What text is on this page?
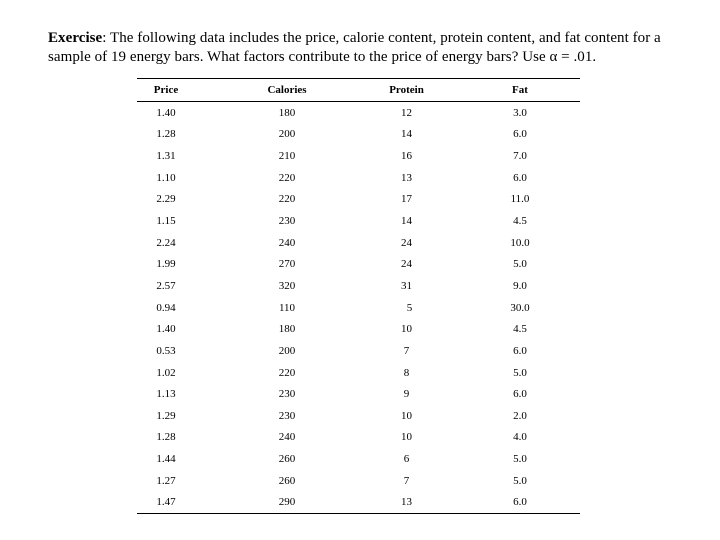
Exercise: The following data includes the price, calorie content, protein content, and fat content for a sample of 19 energy bars. What factors contribute to the price of energy bars? Use α = .01.
Price	Calories	Protein	Fat
1.40	180	12	3.0
1.28	200	14	6.0
1.31	210	16	7.0
1.10	220	13	6.0
2.29	220	17	11.0
1.15	230	14	4.5
2.24	240	24	10.0
1.99	270	24	5.0
2.57	320	31	9.0
0.94	110	5	30.0
1.40	180	10	4.5
0.53	200	7	6.0
1.02	220	8	5.0
1.13	230	9	6.0
1.29	230	10	2.0
1.28	240	10	4.0
1.44	260	6	5.0
1.27	260	7	5.0
1.47	290	13	6.0
